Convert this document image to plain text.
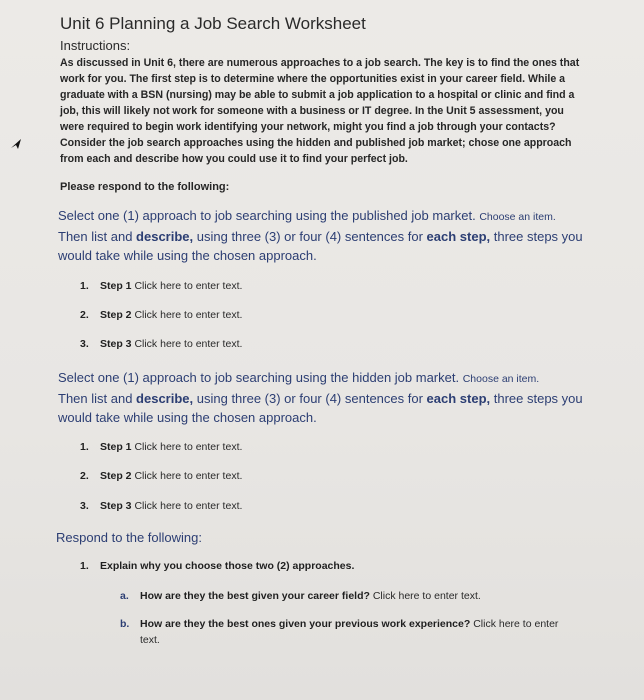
Unit 6 Planning a Job Search Worksheet
Instructions:
As discussed in Unit 6, there are numerous approaches to a job search. The key is to find the ones that
work for you. The first step is to determine where the opportunities exist in your career field. While a
graduate with a BSN (nursing) may be able to submit a job application to a hospital or clinic and find a
job, this will likely not work for someone with a business or IT degree. In the Unit 5 assessment, you
were required to begin work identifying your network, might you find a job through your contacts?
Consider the job search approaches using the hidden and published job market; chose one approach
from each and describe how you could use it to find your perfect job.
Please respond to the following:
Select one (1) approach to job searching using the published job market. Choose an item.
Then list and describe, using three (3) or four (4) sentences for each step, three steps you
would take while using the chosen approach.
1. Step 1 Click here to enter text.
2. Step 2 Click here to enter text.
3. Step 3 Click here to enter text.
Select one (1) approach to job searching using the hidden job market. Choose an item.
Then list and describe, using three (3) or four (4) sentences for each step, three steps you
would take while using the chosen approach.
1. Step 1 Click here to enter text.
2. Step 2 Click here to enter text.
3. Step 3 Click here to enter text.
Respond to the following:
1. Explain why you choose those two (2) approaches.
a. How are they the best given your career field? Click here to enter text.
b. How are they the best ones given your previous work experience? Click here to enter
text.
